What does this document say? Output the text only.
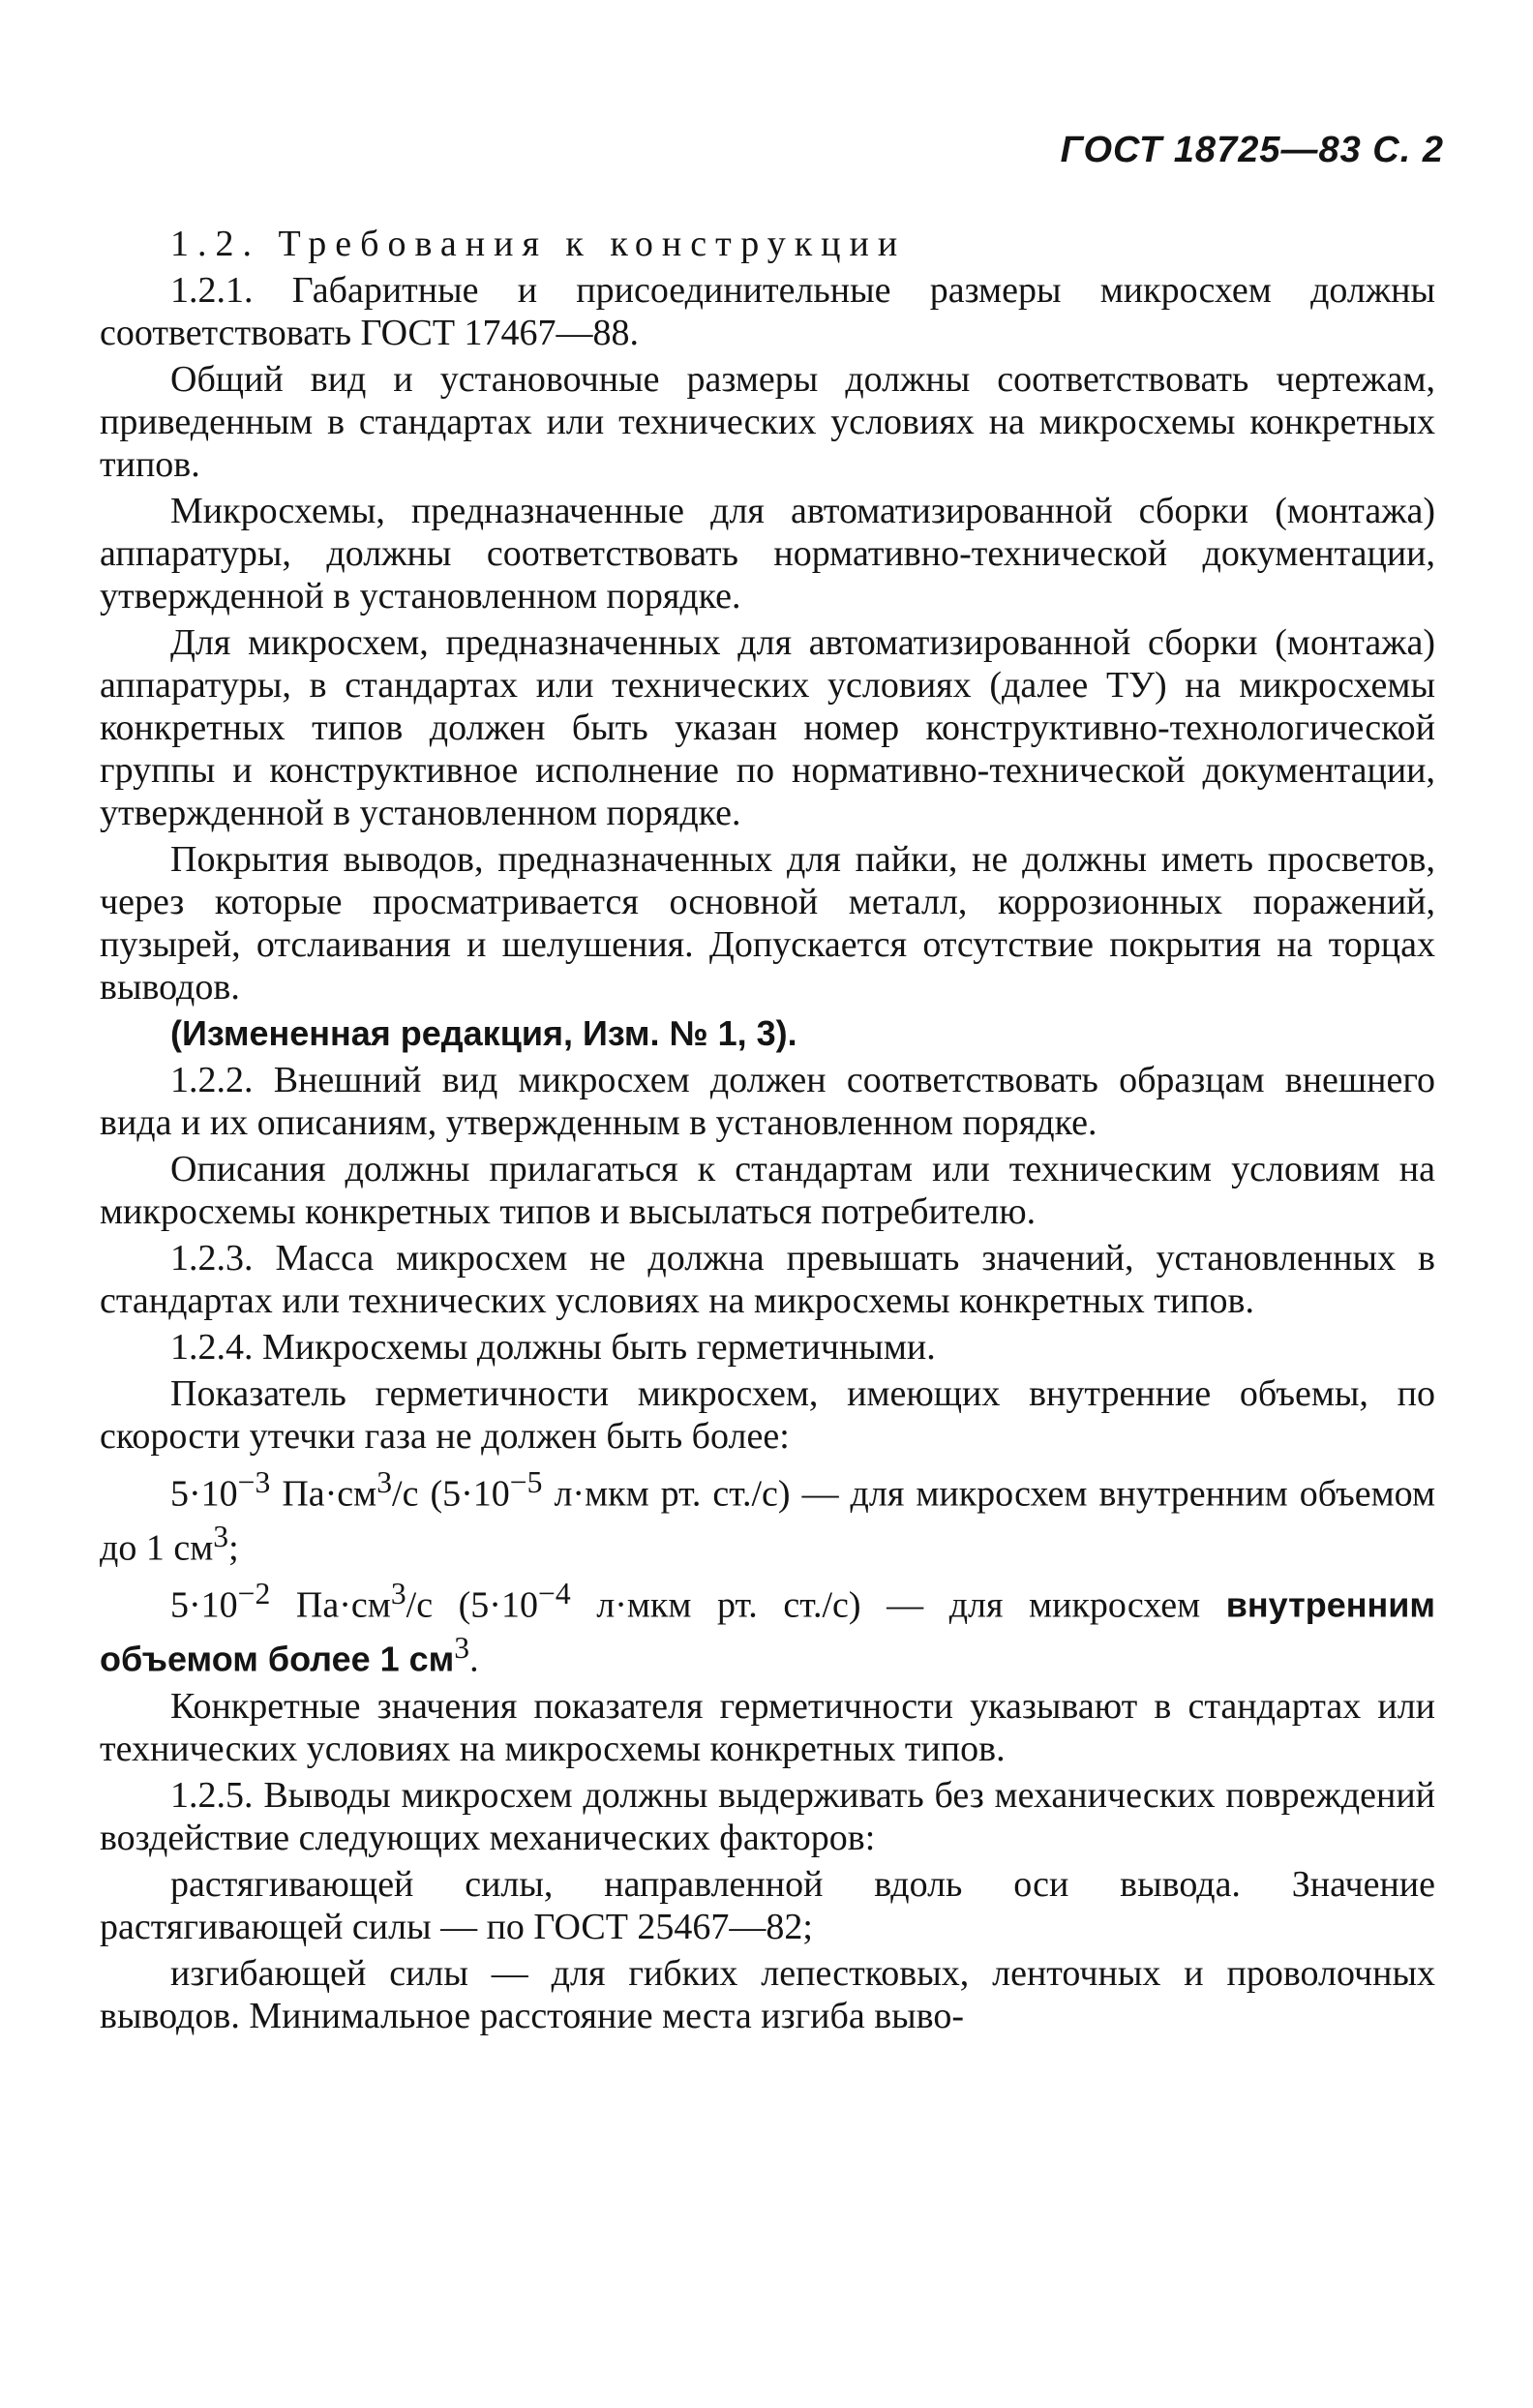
ГОСТ 18725—83 С. 2

1.2. Требования к конструкции

1.2.1. Габаритные и присоединительные размеры микросхем должны соответствовать ГОСТ 17467—88.

Общий вид и установочные размеры должны соответствовать чертежам, приведенным в стандартах или технических условиях на микросхемы конкретных типов.

Микросхемы, предназначенные для автоматизированной сборки (монтажа) аппаратуры, должны соответствовать нормативно-технической документации, утвержденной в установленном порядке.

Для микросхем, предназначенных для автоматизированной сборки (монтажа) аппаратуры, в стандартах или технических условиях (далее ТУ) на микросхемы конкретных типов должен быть указан номер конструктивно-технологической группы и конструктивное исполнение по нормативно-технической документации, утвержденной в установленном порядке.

Покрытия выводов, предназначенных для пайки, не должны иметь просветов, через которые просматривается основной металл, коррозионных поражений, пузырей, отслаивания и шелушения. Допускается отсутствие покрытия на торцах выводов.

(Измененная редакция, Изм. № 1, 3).

1.2.2. Внешний вид микросхем должен соответствовать образцам внешнего вида и их описаниям, утвержденным в установленном порядке.

Описания должны прилагаться к стандартам или техническим условиям на микросхемы конкретных типов и высылаться потребителю.

1.2.3. Масса микросхем не должна превышать значений, установленных в стандартах или технических условиях на микросхемы конкретных типов.

1.2.4. Микросхемы должны быть герметичными.

Показатель герметичности микросхем, имеющих внутренние объемы, по скорости утечки газа не должен быть более:

$5\cdot 10^{-3}$ $Па\cdot см^3/с$ ($5\cdot 10^{-5}$ л·мкм рт. ст./с) — для микросхем внутренним объемом до 1 $см^3$;

$5\cdot 10^{-2}$ $Па\cdot см^3/с$ ($5\cdot 10^{-4}$ л·мкм рт. ст./с) — для микросхем внутренним объемом более 1 $см^3$.

Конкретные значения показателя герметичности указывают в стандартах или технических условиях на микросхемы конкретных типов.

1.2.5. Выводы микросхем должны выдерживать без механических повреждений воздействие следующих механических факторов:

растягивающей силы, направленной вдоль оси вывода. Значение растягивающей силы — по ГОСТ 25467—82;

изгибающей силы — для гибких лепестковых, ленточных и проволочных выводов. Минимальное расстояние места изгиба выво-
